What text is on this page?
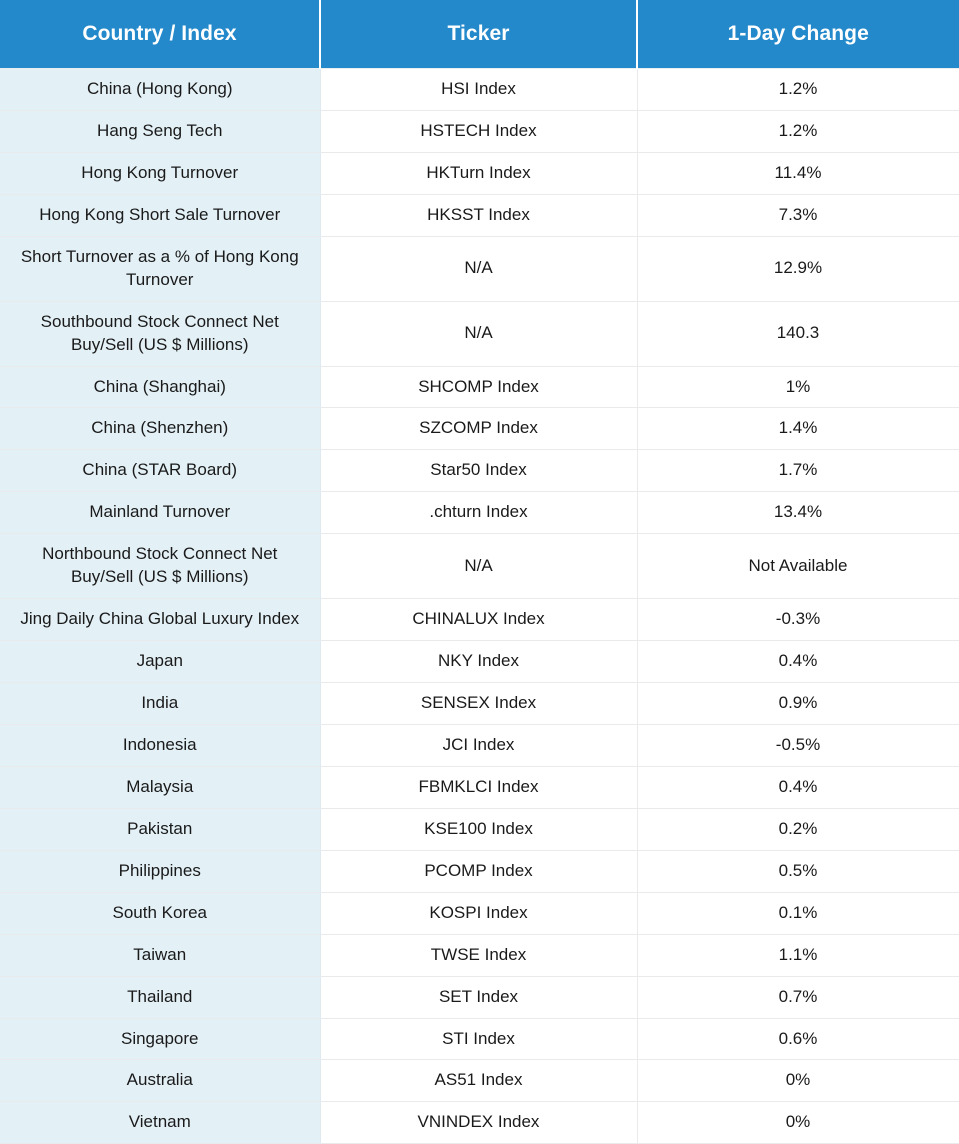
Country / Index	Ticker	1-Day Change
China (Hong Kong)	HSI Index	1.2%
Hang Seng Tech	HSTECH Index	1.2%
Hong Kong Turnover	HKTurn Index	11.4%
Hong Kong Short Sale Turnover	HKSST Index	7.3%
Short Turnover as a % of Hong Kong Turnover	N/A	12.9%
Southbound Stock Connect Net Buy/Sell (US $ Millions)	N/A	140.3
China (Shanghai)	SHCOMP Index	1%
China (Shenzhen)	SZCOMP Index	1.4%
China (STAR Board)	Star50 Index	1.7%
Mainland Turnover	.chturn Index	13.4%
Northbound Stock Connect Net Buy/Sell (US $ Millions)	N/A	Not Available
Jing Daily China Global Luxury Index	CHINALUX Index	-0.3%
Japan	NKY Index	0.4%
India	SENSEX Index	0.9%
Indonesia	JCI Index	-0.5%
Malaysia	FBMKLCI Index	0.4%
Pakistan	KSE100 Index	0.2%
Philippines	PCOMP Index	0.5%
South Korea	KOSPI Index	0.1%
Taiwan	TWSE Index	1.1%
Thailand	SET Index	0.7%
Singapore	STI Index	0.6%
Australia	AS51 Index	0%
Vietnam	VNINDEX Index	0%
